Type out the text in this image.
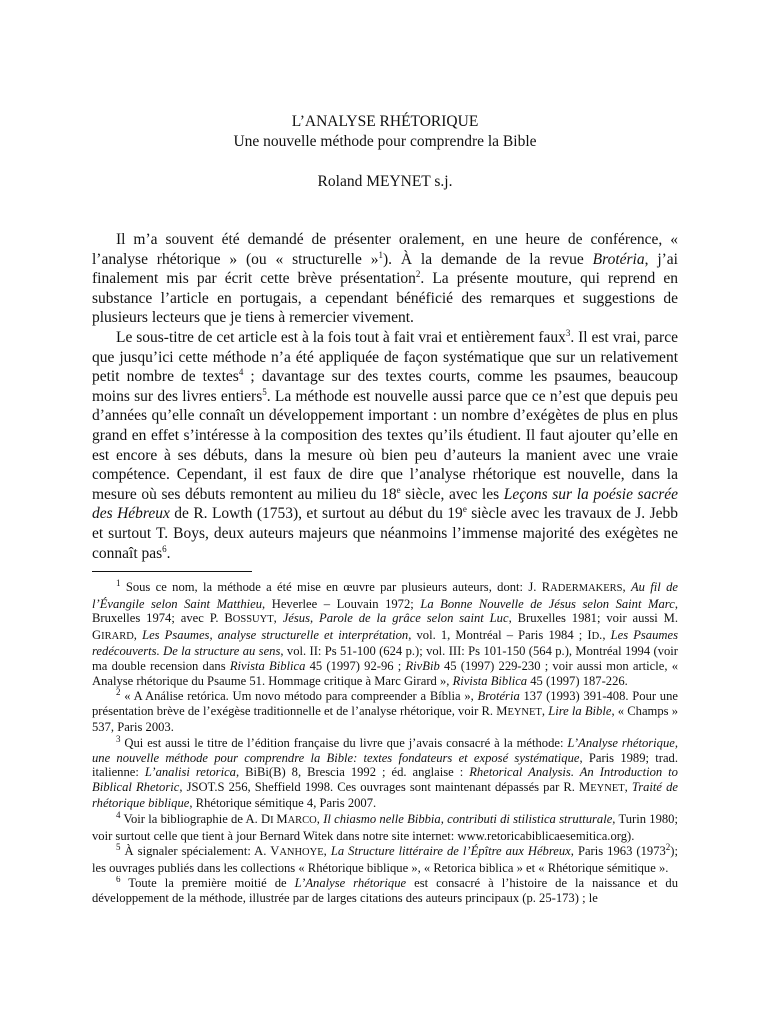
L’ANALYSE RHÉTORIQUE
Une nouvelle méthode pour comprendre la Bible
Roland MEYNET s.j.

Il m’a souvent été demandé de présenter oralement, en une heure de conférence, « l’analyse rhétorique » (ou « structurelle »$^1$). À la demande de la revue Brotéria, j’ai finalement mis par écrit cette brève présentation$^2$. La présente mouture, qui reprend en substance l’article en portugais, a cependant bénéficié des remarques et suggestions de plusieurs lecteurs que je tiens à remercier vivement.

Le sous-titre de cet article est à la fois tout à fait vrai et entièrement faux$^3$. Il est vrai, parce que jusqu’ici cette méthode n’a été appliquée de façon systématique que sur un relativement petit nombre de textes$^4$ ; davantage sur des textes courts, comme les psaumes, beaucoup moins sur des livres entiers$^5$. La méthode est nouvelle aussi parce que ce n’est que depuis peu d’années qu’elle connaît un développement important : un nombre d’exégètes de plus en plus grand en effet s’intéresse à la composition des textes qu’ils étudient. Il faut ajouter qu’elle en est encore à ses débuts, dans la mesure où bien peu d’auteurs la manient avec une vraie compétence. Cependant, il est faux de dire que l’analyse rhétorique est nouvelle, dans la mesure où ses débuts remontent au milieu du 18e siècle, avec les Leçons sur la poésie sacrée des Hébreux de R. Lowth (1753), et surtout au début du 19e siècle avec les travaux de J. Jebb et surtout T. Boys, deux auteurs majeurs que néanmoins l’immense majorité des exégètes ne connaît pas$^6$.

$^1$ Sous ce nom, la méthode a été mise en œuvre par plusieurs auteurs, dont: J. RADERMAKERS, Au fil de l’Évangile selon Saint Matthieu, Heverlee – Louvain 1972; La Bonne Nouvelle de Jésus selon Saint Marc, Bruxelles 1974; avec P. BOSSUYT, Jésus, Parole de la grâce selon saint Luc, Bruxelles 1981; voir aussi M. GIRARD, Les Psaumes, analyse structurelle et interprétation, vol. 1, Montréal – Paris 1984 ; ID., Les Psaumes redécouverts. De la structure au sens, vol. II: Ps 51-100 (624 p.); vol. III: Ps 101-150 (564 p.), Montréal 1994 (voir ma double recension dans Rivista Biblica 45 (1997) 92-96 ; RivBib 45 (1997) 229-230 ; voir aussi mon article, « Analyse rhétorique du Psaume 51. Hommage critique à Marc Girard », Rivista Biblica 45 (1997) 187-226.

$^2$ « A Análise retórica. Um novo método para compreender a Bíblia », Brotéria 137 (1993) 391-408. Pour une présentation brève de l’exégèse traditionnelle et de l’analyse rhétorique, voir R. MEYNET, Lire la Bible, « Champs » 537, Paris 2003.

$^3$ Qui est aussi le titre de l’édition française du livre que j’avais consacré à la méthode: L’Analyse rhétorique, une nouvelle méthode pour comprendre la Bible: textes fondateurs et exposé systématique, Paris 1989; trad. italienne: L’analisi retorica, BiBi(B) 8, Brescia 1992 ; éd. anglaise : Rhetorical Analysis. An Introduction to Biblical Rhetoric, JSOT.S 256, Sheffield 1998. Ces ouvrages sont maintenant dépassés par R. MEYNET, Traité de rhétorique biblique, Rhétorique sémitique 4, Paris 2007.

$^4$ Voir la bibliographie de A. DI MARCO, Il chiasmo nelle Bibbia, contributi di stilistica strutturale, Turin 1980; voir surtout celle que tient à jour Bernard Witek dans notre site internet: www.retoricabiblicaesemitica.org).

$^5$ À signaler spécialement: A. VANHOYE, La Structure littéraire de l’Épître aux Hébreux, Paris 1963 (1973$^2$); les ouvrages publiés dans les collections « Rhétorique biblique », « Retorica biblica » et « Rhétorique sémitique ».

$^6$ Toute la première moitié de L’Analyse rhétorique est consacré à l’histoire de la naissance et du développement de la méthode, illustrée par de larges citations des auteurs principaux (p. 25-173) ; le
